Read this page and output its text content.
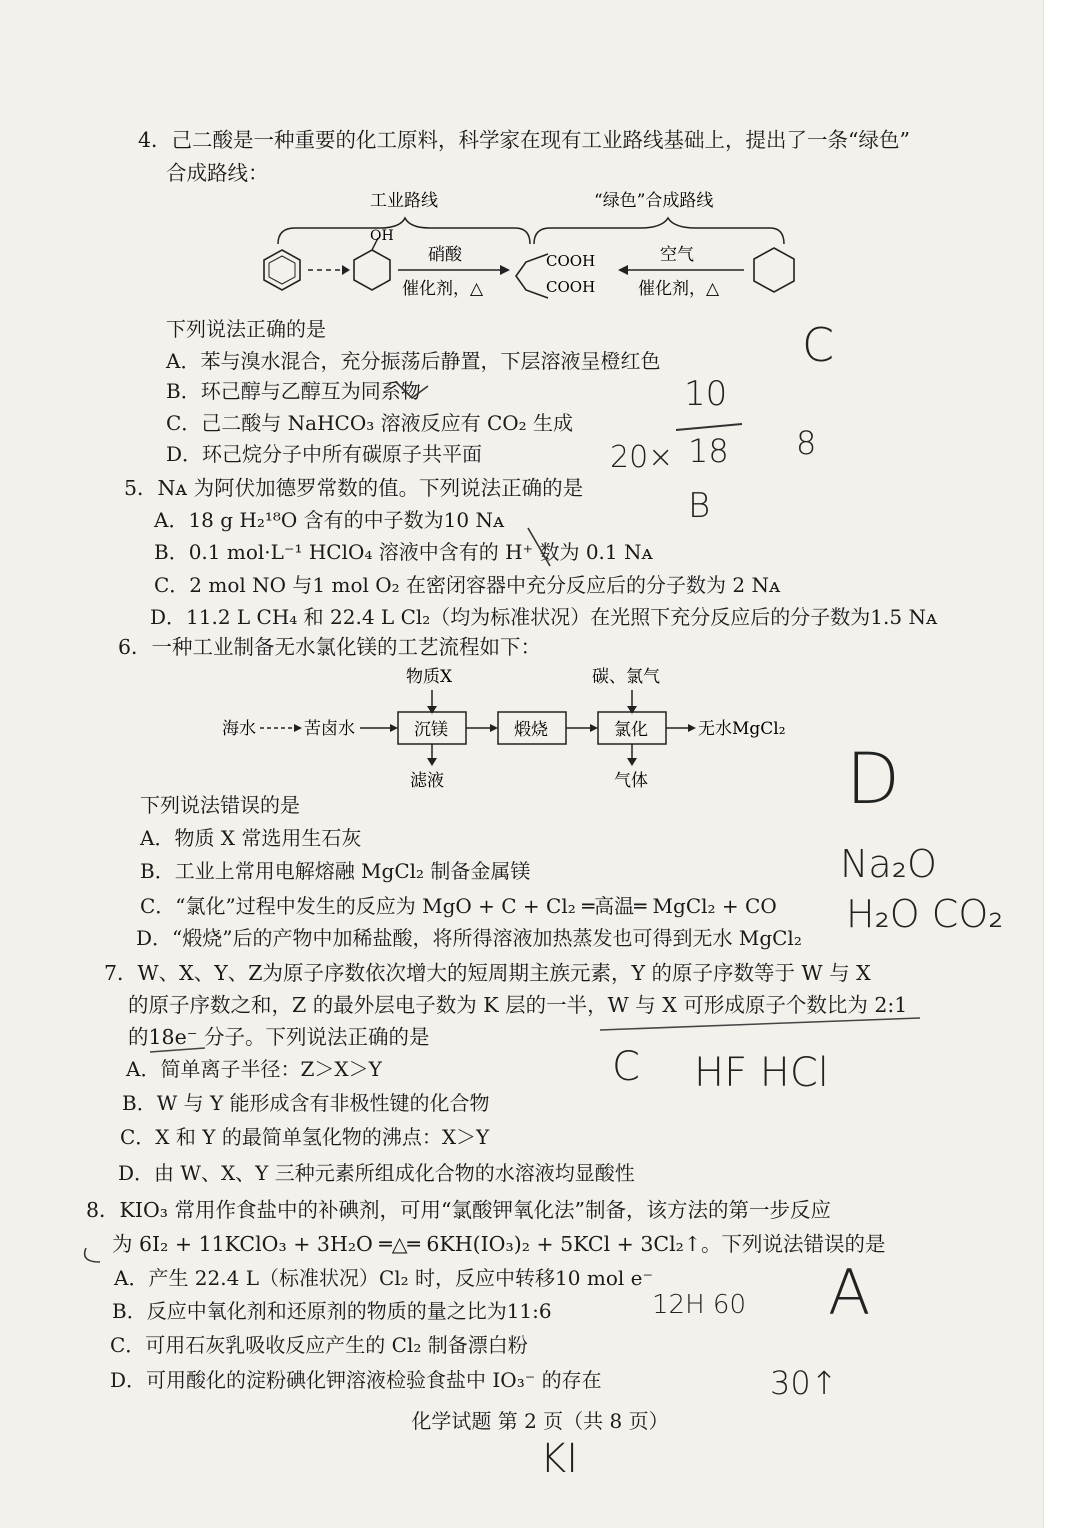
4．己二酸是一种重要的化工原料，科学家在现有工业路线基础上，提出了一条“绿色”
合成路线：
工业路线	“绿色”合成路线
OH
硝酸
催化剂，△
COOH
COOH
空气
催化剂，△
下列说法正确的是
A．苯与溴水混合，充分振荡后静置，下层溶液呈橙红色
B．环己醇与乙醇互为同系物
C．己二酸与 NaHCO₃ 溶液反应有 CO₂ 生成
D．环己烷分子中所有碳原子共平面
5．Nᴀ 为阿伏加德罗常数的值。下列说法正确的是
A．18 g H₂¹⁸O 含有的中子数为10 Nᴀ
B．0.1 mol·L⁻¹ HClO₄ 溶液中含有的 H⁺ 数为 0.1 Nᴀ
C．2 mol NO 与1 mol O₂ 在密闭容器中充分反应后的分子数为 2 Nᴀ
D．11.2 L CH₄ 和 22.4 L Cl₂（均为标准状况）在光照下充分反应后的分子数为1.5 Nᴀ
6．一种工业制备无水氯化镁的工艺流程如下：
物质X	碳、氯气
海水	苦卤水	沉镁	煅烧	氯化	无水MgCl₂
滤液	气体
下列说法错误的是
A．物质 X 常选用生石灰
B．工业上常用电解熔融 MgCl₂ 制备金属镁
C．“氯化”过程中发生的反应为 MgO + C + Cl₂ ═高温═ MgCl₂ + CO
D．“煅烧”后的产物中加稀盐酸，将所得溶液加热蒸发也可得到无水 MgCl₂
7．W、X、Y、Z为原子序数依次增大的短周期主族元素，Y 的原子序数等于 W 与 X
的原子序数之和，Z 的最外层电子数为 K 层的一半，W 与 X 可形成原子个数比为 2:1
的18e⁻ 分子。下列说法正确的是
A．简单离子半径：Z＞X＞Y
B．W 与 Y 能形成含有非极性键的化合物
C．X 和 Y 的最简单氢化物的沸点：X＞Y
D．由 W、X、Y 三种元素所组成化合物的水溶液均显酸性
8．KIO₃ 常用作食盐中的补碘剂，可用“氯酸钾氧化法”制备，该方法的第一步反应
为 6I₂ + 11KClO₃ + 3H₂O ═△═ 6KH(IO₃)₂ + 5KCl + 3Cl₂↑。下列说法错误的是
A．产生 22.4 L（标准状况）Cl₂ 时，反应中转移10 mol e⁻
B．反应中氧化剂和还原剂的物质的量之比为11:6
C．可用石灰乳吸收反应产生的 Cl₂ 制备漂白粉
D．可用酸化的淀粉碘化钾溶液检验食盐中 IO₃⁻ 的存在
化学试题 第 2 页（共 8 页）
C
10
18
20×	8
B
D
Na₂O
H₂O CO₂
C HF HCl
A
12H 60
30↑
KI
